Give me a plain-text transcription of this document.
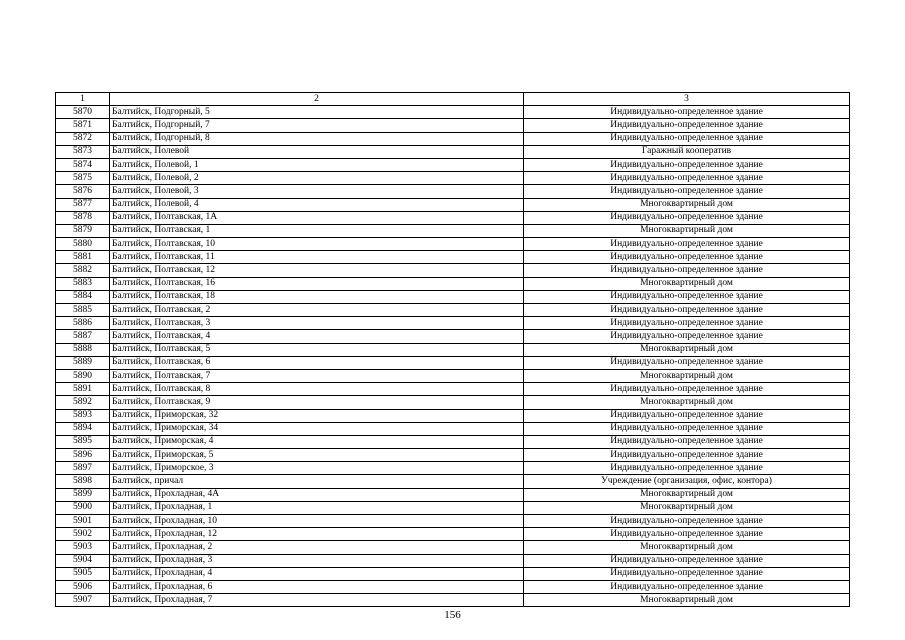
1	2	3
5870	Балтийск, Подгорный, 5	Индивидуально-определенное здание
5871	Балтийск, Подгорный, 7	Индивидуально-определенное здание
5872	Балтийск, Подгорный, 8	Индивидуально-определенное здание
5873	Балтийск, Полевой	Гаражный кооператив
5874	Балтийск, Полевой, 1	Индивидуально-определенное здание
5875	Балтийск, Полевой, 2	Индивидуально-определенное здание
5876	Балтийск, Полевой, 3	Индивидуально-определенное здание
5877	Балтийск, Полевой, 4	Многоквартирный дом
5878	Балтийск, Полтавская, 1А	Индивидуально-определенное здание
5879	Балтийск, Полтавская, 1	Многоквартирный дом
5880	Балтийск, Полтавская, 10	Индивидуально-определенное здание
5881	Балтийск, Полтавская, 11	Индивидуально-определенное здание
5882	Балтийск, Полтавская, 12	Индивидуально-определенное здание
5883	Балтийск, Полтавская, 16	Многоквартирный дом
5884	Балтийск, Полтавская, 18	Индивидуально-определенное здание
5885	Балтийск, Полтавская, 2	Индивидуально-определенное здание
5886	Балтийск, Полтавская, 3	Индивидуально-определенное здание
5887	Балтийск, Полтавская, 4	Индивидуально-определенное здание
5888	Балтийск, Полтавская, 5	Многоквартирный дом
5889	Балтийск, Полтавская, 6	Индивидуально-определенное здание
5890	Балтийск, Полтавская, 7	Многоквартирный дом
5891	Балтийск, Полтавская, 8	Индивидуально-определенное здание
5892	Балтийск, Полтавская, 9	Многоквартирный дом
5893	Балтийск, Приморская, 32	Индивидуально-определенное здание
5894	Балтийск, Приморская, 34	Индивидуально-определенное здание
5895	Балтийск, Приморская, 4	Индивидуально-определенное здание
5896	Балтийск, Приморская, 5	Индивидуально-определенное здание
5897	Балтийск, Приморское, 3	Индивидуально-определенное здание
5898	Балтийск, причал	Учреждение (организация, офис, контора)
5899	Балтийск, Прохладная, 4А	Многоквартирный дом
5900	Балтийск, Прохладная, 1	Многоквартирный дом
5901	Балтийск, Прохладная, 10	Индивидуально-определенное здание
5902	Балтийск, Прохладная, 12	Индивидуально-определенное здание
5903	Балтийск, Прохладная, 2	Многоквартирный дом
5904	Балтийск, Прохладная, 3	Индивидуально-определенное здание
5905	Балтийск, Прохладная, 4	Индивидуально-определенное здание
5906	Балтийск, Прохладная, 6	Индивидуально-определенное здание
5907	Балтийск, Прохладная, 7	Многоквартирный дом
156
